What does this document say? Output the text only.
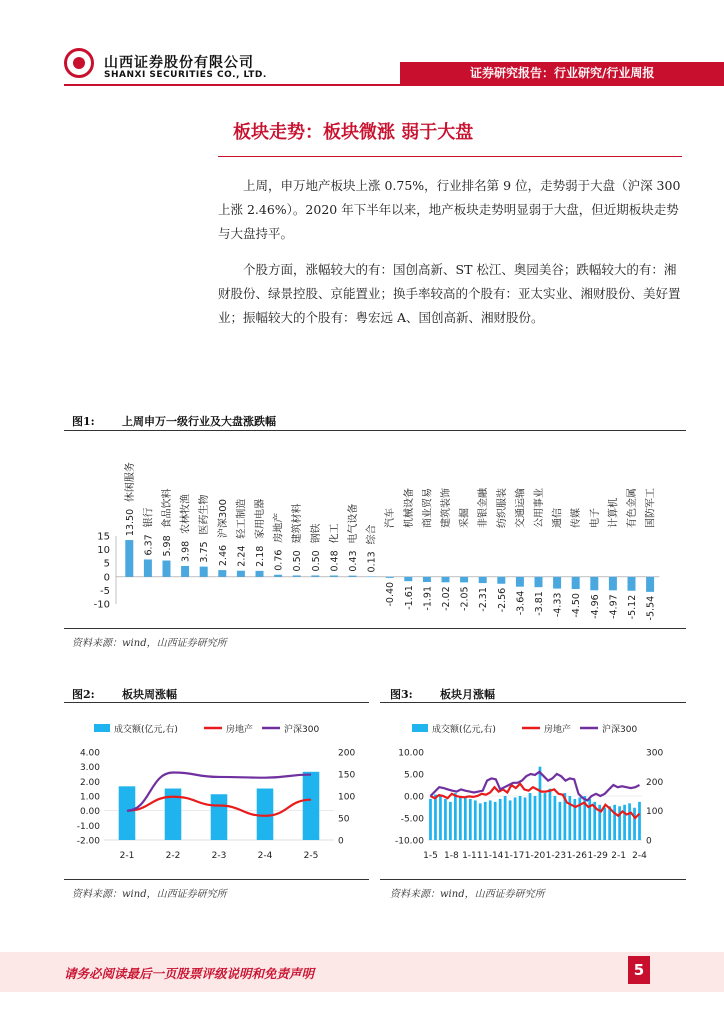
山西证券股份有限公司
SHANXI SECURITIES CO., LTD.	证券研究报告：行业研究/行业周报
板块走势：板块微涨 弱于大盘
上周，申万地产板块上涨 0.75%，行业排名第 9 位，走势弱于大盘（沪深 300 上涨 2.46%）。2020 年下半年以来，地产板块走势明显弱于大盘，但近期板块走势与大盘持平。
个股方面，涨幅较大的有：国创高新、ST 松江、奥园美谷；跌幅较大的有：湘财股份、绿景控股、京能置业；换手率较高的个股有：亚太实业、湘财股份、美好置业；振幅较大的个股有：粤宏远 A、国创高新、湘财股份。
图1: 上周申万一级行业及大盘涨跌幅
15
10
5
0
-5
-10
13.50
休闲服务
6.37
银行
5.98
食品饮料
3.98
农林牧渔
3.75
医药生物
2.46
沪深300
2.24
轻工制造
2.18
家用电器
0.76
房地产
0.50
建筑材料
0.50
钢铁
0.48
化工
0.43
电气设备
0.13
综合
汽车
-0.40
机械设备
-1.61
商业贸易
-1.91
建筑装饰
-2.02
采掘
-2.05
非银金融
-2.31
纺织服装
-2.56
交通运输
-3.64
公用事业
-3.81
通信
-4.33
传媒
-4.50
电子
-4.96
计算机
-4.97
有色金属
-5.12
国防军工
-5.54
资料来源：wind，山西证券研究所
图2: 板块周涨幅
成交额(亿元,右)	房地产	沪深300
4.00
3.00
2.00
1.00
0.00
-1.00
-2.00
200
150
100
50
0
2-1	2-2	2-3	2-4	2-5
资料来源：wind，山西证券研究所
图3: 板块月涨幅
成交额(亿元,右)	房地产	沪深300
10.00
5.00
0.00
-5.00
-10.00
300
200
100
0
1-5 1-8 1-11 1-14 1-17 1-20 1-23 1-26 1-29 2-1 2-4
资料来源：wind，山西证券研究所
请务必阅读最后一页股票评级说明和免责声明	5
